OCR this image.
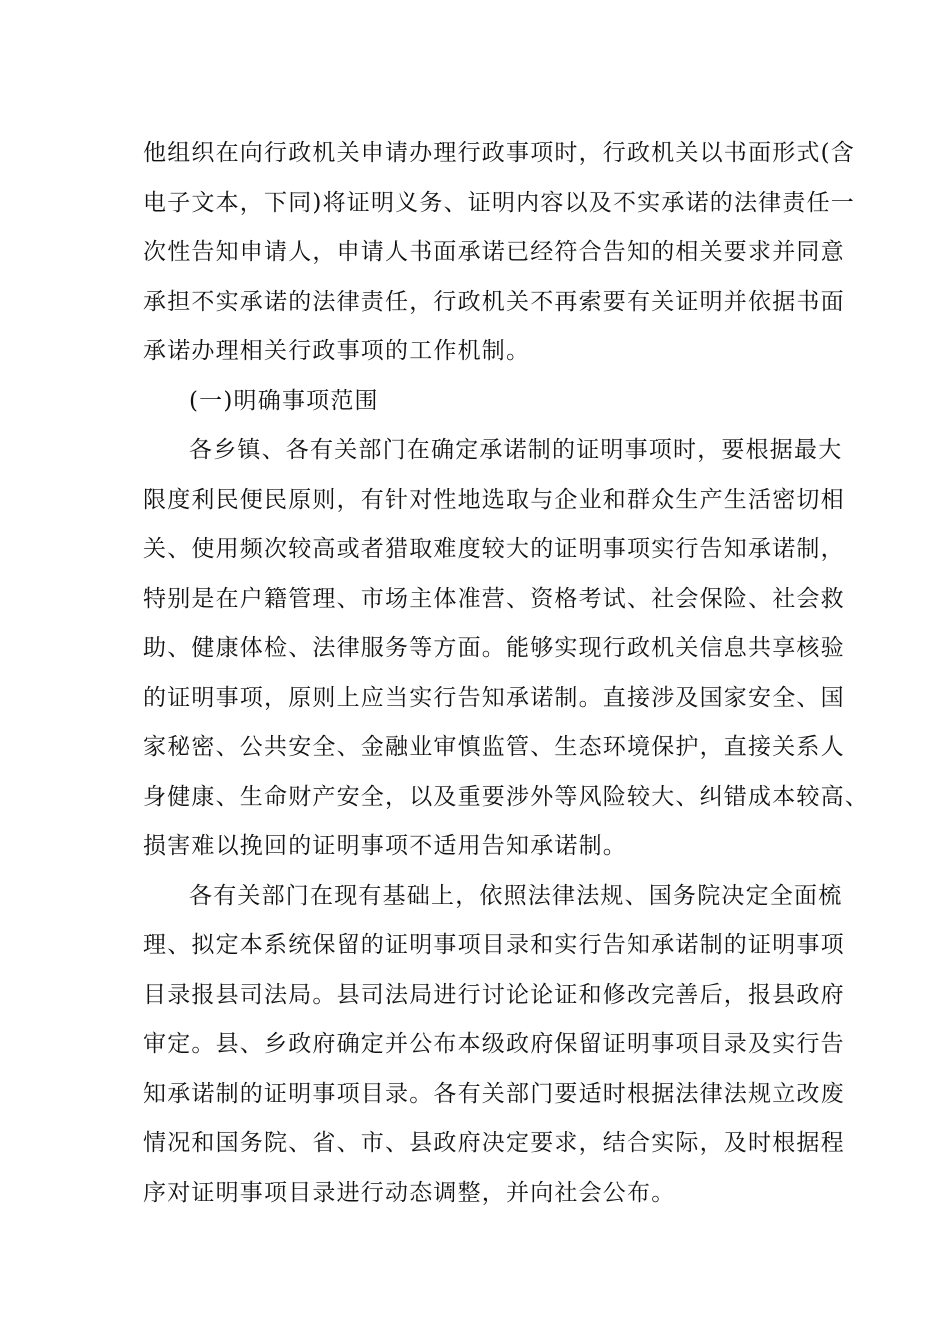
他组织在向行政机关申请办理行政事项时，行政机关以书面形式(含
电子文本，下同)将证明义务、证明内容以及不实承诺的法律责任一
次性告知申请人，申请人书面承诺已经符合告知的相关要求并同意
承担不实承诺的法律责任，行政机关不再索要有关证明并依据书面
承诺办理相关行政事项的工作机制。
(一)明确事项范围
各乡镇、各有关部门在确定承诺制的证明事项时，要根据最大
限度利民便民原则，有针对性地选取与企业和群众生产生活密切相
关、使用频次较高或者猎取难度较大的证明事项实行告知承诺制，
特别是在户籍管理、市场主体准营、资格考试、社会保险、社会救
助、健康体检、法律服务等方面。能够实现行政机关信息共享核验
的证明事项，原则上应当实行告知承诺制。直接涉及国家安全、国
家秘密、公共安全、金融业审慎监管、生态环境保护，直接关系人
身健康、生命财产安全，以及重要涉外等风险较大、纠错成本较高、
损害难以挽回的证明事项不适用告知承诺制。
各有关部门在现有基础上，依照法律法规、国务院决定全面梳
理、拟定本系统保留的证明事项目录和实行告知承诺制的证明事项
目录报县司法局。县司法局进行讨论论证和修改完善后，报县政府
审定。县、乡政府确定并公布本级政府保留证明事项目录及实行告
知承诺制的证明事项目录。各有关部门要适时根据法律法规立改废
情况和国务院、省、市、县政府决定要求，结合实际，及时根据程
序对证明事项目录进行动态调整，并向社会公布。
